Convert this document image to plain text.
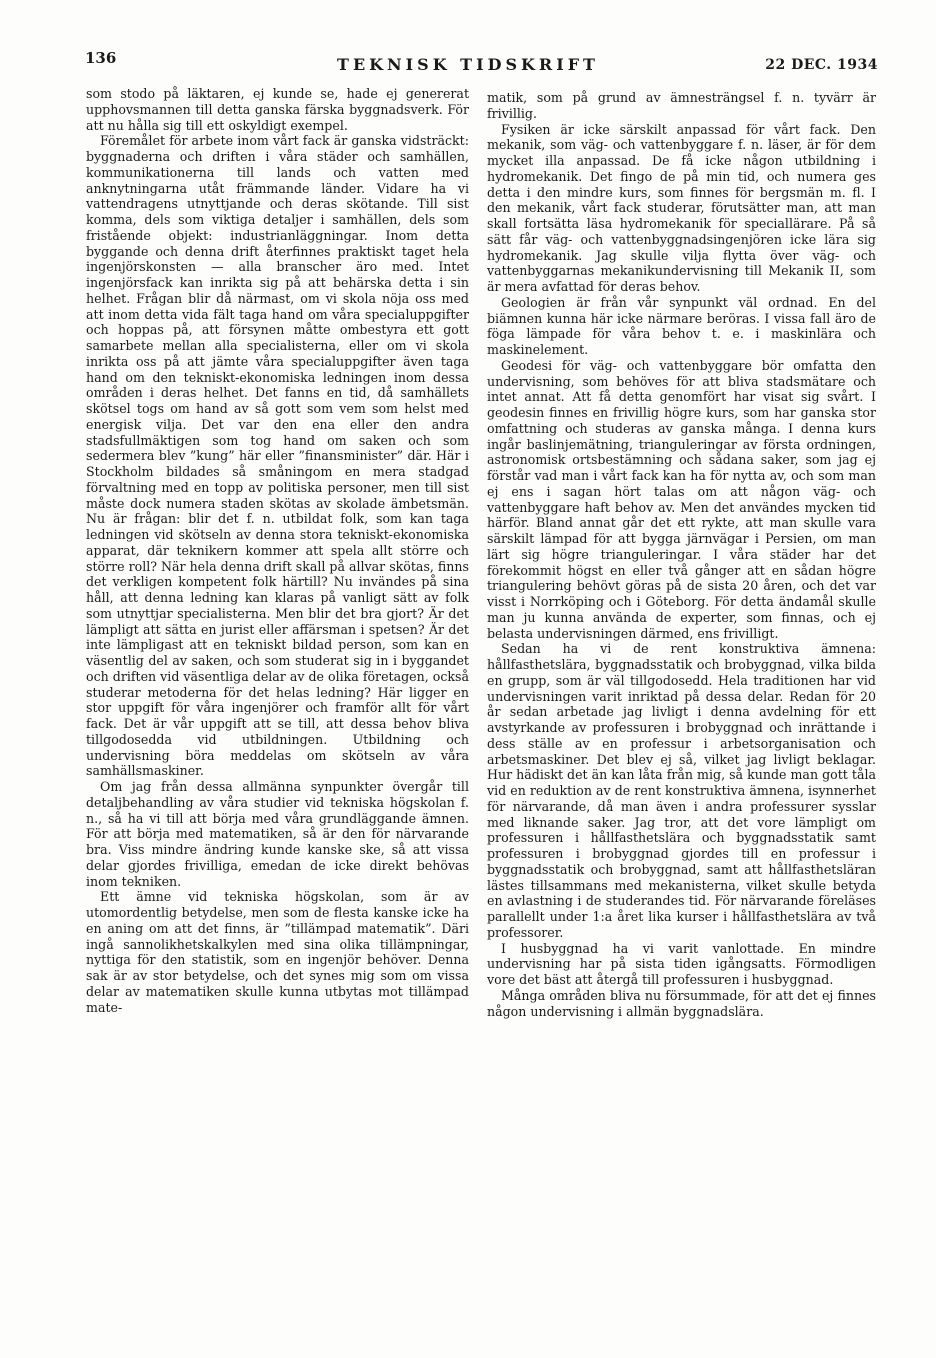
136	TEKNISK TIDSKRIFT	22 DEC. 1934

som stodo på läktaren, ej kunde se, hade ej genererat upphovsmannen till detta ganska färska byggnadsverk. För att nu hålla sig till ett oskyldigt exempel.

Föremålet för arbete inom vårt fack är ganska vidsträckt: byggnaderna och driften i våra städer och samhällen, kommunikationerna till lands och vatten med anknytningarna utåt främmande länder. Vidare ha vi vattendragens utnyttjande och deras skötande. Till sist komma, dels som viktiga detaljer i samhällen, dels som fristående objekt: industrianläggningar. Inom detta byggande och denna drift återfinnes praktiskt taget hela ingenjörskonsten — alla branscher äro med. Intet ingenjörsfack kan inrikta sig på att behärska detta i sin helhet. Frågan blir då närmast, om vi skola nöja oss med att inom detta vida fält taga hand om våra specialuppgifter och hoppas på, att försynen måtte ombestyra ett gott samarbete mellan alla specialisterna, eller om vi skola inrikta oss på att jämte våra specialuppgifter även taga hand om den tekniskt-ekonomiska ledningen inom dessa områden i deras helhet. Det fanns en tid, då samhällets skötsel togs om hand av så gott som vem som helst med energisk vilja. Det var den ena eller den andra stadsfullmäktigen som tog hand om saken och som sedermera blev ”kung” här eller ”finansminister” där. Här i Stockholm bildades så småningom en mera stadgad förvaltning med en topp av politiska personer, men till sist måste dock numera staden skötas av skolade ämbetsmän. Nu är frågan: blir det f. n. utbildat folk, som kan taga ledningen vid skötseln av denna stora tekniskt-ekonomiska apparat, där teknikern kommer att spela allt större och större roll? När hela denna drift skall på allvar skötas, finns det verkligen kompetent folk härtill? Nu invändes på sina håll, att denna ledning kan klaras på vanligt sätt av folk som utnyttjar specialisterna. Men blir det bra gjort? Är det lämpligt att sätta en jurist eller affärsman i spetsen? Är det inte lämpligast att en tekniskt bildad person, som kan en väsentlig del av saken, och som studerat sig in i byggandet och driften vid väsentliga delar av de olika företagen, också studerar metoderna för det helas ledning? Här ligger en stor uppgift för våra ingenjörer och framför allt för vårt fack. Det är vår uppgift att se till, att dessa behov bliva tillgodosedda vid utbildningen. Utbildning och undervisning böra meddelas om skötseln av våra samhällsmaskiner.

Om jag från dessa allmänna synpunkter övergår till detaljbehandling av våra studier vid tekniska högskolan f. n., så ha vi till att börja med våra grundläggande ämnen. För att börja med matematiken, så är den för närvarande bra. Viss mindre ändring kunde kanske ske, så att vissa delar gjordes frivilliga, emedan de icke direkt behövas inom tekniken.

Ett ämne vid tekniska högskolan, som är av utomordentlig betydelse, men som de flesta kanske icke ha en aning om att det finns, är ”tillämpad matematik”. Däri ingå sannolikhetskalkylen med sina olika tillämpningar, nyttiga för den statistik, som en ingenjör behöver. Denna sak är av stor betydelse, och det synes mig som om vissa delar av matematiken skulle kunna utbytas mot tillämpad mate-

matik, som på grund av ämnesträngsel f. n. tyvärr är frivillig.

Fysiken är icke särskilt anpassad för vårt fack. Den mekanik, som väg- och vattenbyggare f. n. läser, är för dem mycket illa anpassad. De få icke någon utbildning i hydromekanik. Det fingo de på min tid, och numera ges detta i den mindre kurs, som finnes för bergsmän m. fl. I den mekanik, vårt fack studerar, förutsätter man, att man skall fortsätta läsa hydromekanik för speciallärare. På så sätt får väg- och vattenbyggnadsingenjören icke lära sig hydromekanik. Jag skulle vilja flytta över väg- och vattenbyggarnas mekanikundervisning till Mekanik II, som är mera avfattad för deras behov.

Geologien är från vår synpunkt väl ordnad. En del biämnen kunna här icke närmare beröras. I vissa fall äro de föga lämpade för våra behov t. e. i maskinlära och maskinelement.

Geodesi för väg- och vattenbyggare bör omfatta den undervisning, som behöves för att bliva stadsmätare och intet annat. Att få detta genomfört har visat sig svårt. I geodesin finnes en frivillig högre kurs, som har ganska stor omfattning och studeras av ganska många. I denna kurs ingår baslinjemätning, trianguleringar av första ordningen, astronomisk ortsbestämning och sådana saker, som jag ej förstår vad man i vårt fack kan ha för nytta av, och som man ej ens i sagan hört talas om att någon väg- och vattenbyggare haft behov av. Men det användes mycken tid härför. Bland annat går det ett rykte, att man skulle vara särskilt lämpad för att bygga järnvägar i Persien, om man lärt sig högre trianguleringar. I våra städer har det förekommit högst en eller två gånger att en sådan högre triangulering behövt göras på de sista 20 åren, och det var visst i Norrköping och i Göteborg. För detta ändamål skulle man ju kunna använda de experter, som finnas, och ej belasta undervisningen därmed, ens frivilligt.

Sedan ha vi de rent konstruktiva ämnena: hållfasthetslära, byggnadsstatik och brobyggnad, vilka bilda en grupp, som är väl tillgodosedd. Hela traditionen har vid undervisningen varit inriktad på dessa delar. Redan för 20 år sedan arbetade jag livligt i denna avdelning för ett avstyrkande av professuren i brobyggnad och inrättande i dess ställe av en professur i arbetsorganisation och arbetsmaskiner. Det blev ej så, vilket jag livligt beklagar. Hur hädiskt det än kan låta från mig, så kunde man gott tåla vid en reduktion av de rent konstruktiva ämnena, isynnerhet för närvarande, då man även i andra professurer sysslar med liknande saker. Jag tror, att det vore lämpligt om professuren i hållfasthetslära och byggnadsstatik samt professuren i brobyggnad gjordes till en professur i byggnadsstatik och brobyggnad, samt att hållfasthetsläran lästes tillsammans med mekanisterna, vilket skulle betyda en avlastning i de studerandes tid. För närvarande föreläses parallellt under 1:a året lika kurser i hållfasthetslära av två professorer.

I husbyggnad ha vi varit vanlottade. En mindre undervisning har på sista tiden igångsatts. Förmodligen vore det bäst att återgå till professuren i husbyggnad.

Många områden bliva nu försummade, för att det ej finnes någon undervisning i allmän byggnadslära.
